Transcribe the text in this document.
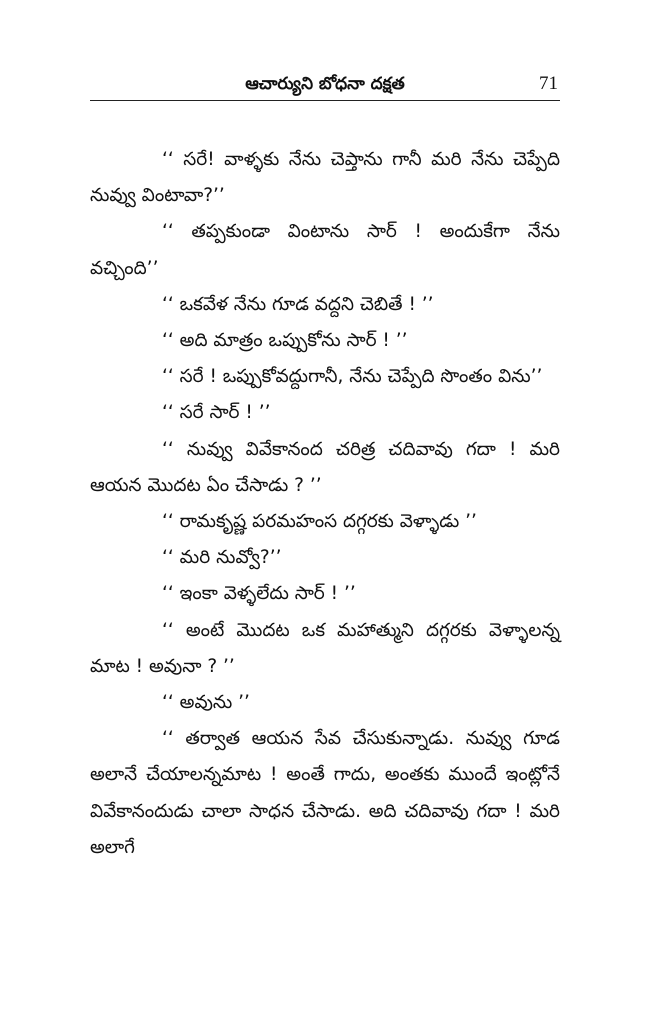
ఆచార్యుని బోధనా దక్షత	71

‘‘ సరే! వాళ్ళకు నేను చెప్తాను గానీ మరి నేను చెప్పేది నువ్వు వింటావా?’’

‘‘ తప్పకుండా వింటాను సార్ ! అందుకేగా నేను వచ్చింది’’

‘‘ ఒకవేళ నేను గూడ వద్దని చెబితే ! ’’

‘‘ అది మాత్రం ఒప్పుకోను సార్ ! ’’

‘‘ సరే ! ఒప్పుకోవద్దుగానీ, నేను చెప్పేది సొంతం విను’’

‘‘ సరే సార్ ! ’’

‘‘ నువ్వు వివేకానంద చరిత్ర చదివావు గదా ! మరి ఆయన మొదట ఏం చేసాడు ? ’’

‘‘ రామకృష్ణ పరమహంస దగ్గరకు వెళ్ళాడు ’’

‘‘ మరి నువ్వో?’’

‘‘ ఇంకా వెళ్ళలేదు సార్ ! ’’

‘‘ అంటే మొదట ఒక మహాత్ముని దగ్గరకు వెళ్ళాలన్న మాట ! అవునా ? ’’

‘‘ అవును ’’

‘‘ తర్వాత ఆయన సేవ చేసుకున్నాడు. నువ్వు గూడ అలానే చేయాలన్నమాట ! అంతే గాదు, అంతకు ముందే ఇంట్లోనే వివేకానందుడు చాలా సాధన చేసాడు. అది చదివావు గదా ! మరి అలాగే
